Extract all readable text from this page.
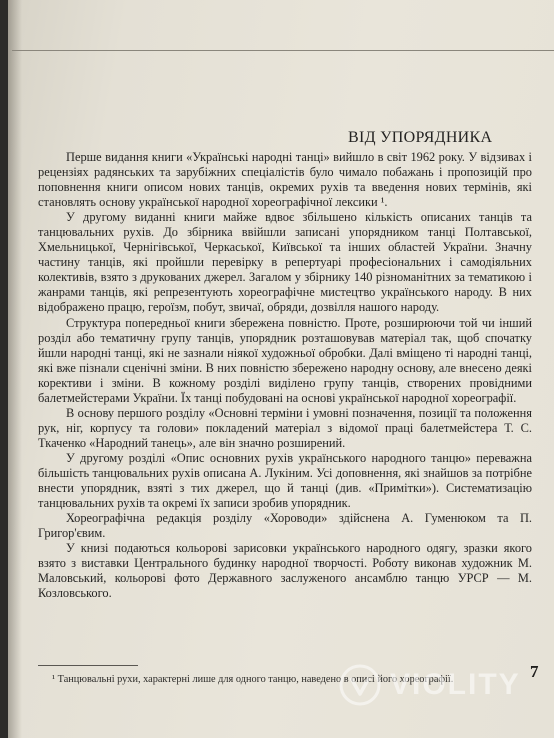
ВІД УПОРЯДНИКА

Перше видання книги «Українські народні танці» вийшло в світ 1962 року. У відзивах і рецензіях радянських та зарубіжних спеціалістів було чимало побажань і пропозицій про поповнення книги описом нових танців, окремих рухів та введення нових термінів, які становлять основу української народної хореографічної лексики ¹.

У другому виданні книги майже вдвоє збільшено кількість описаних танців та танцювальних рухів. До збірника ввійшли записані упорядником танці Полтавської, Хмельницької, Чернігівської, Черкаської, Київської та інших областей України. Значну частину танців, які пройшли перевірку в репертуарі професіональних і самодіяльних колективів, взято з друкованих джерел. Загалом у збірнику 140 різноманітних за тематикою і жанрами танців, які репрезентують хореографічне мистецтво українського народу. В них відображено працю, героїзм, побут, звичаї, обряди, дозвілля нашого народу.

Структура попередньої книги збережена повністю. Проте, розширюючи той чи інший розділ або тематичну групу танців, упорядник розташовував матеріал так, щоб спочатку йшли народні танці, які не зазнали ніякої художньої обробки. Далі вміщено ті народні танці, які вже пізнали сценічні зміни. В них повністю збережено народну основу, але внесено деякі корективи і зміни. В кожному розділі виділено групу танців, створених провідними балетмейстерами України. Їх танці побудовані на основі української народної хореографії.

В основу першого розділу «Основні терміни і умовні позначення, позиції та положення рук, ніг, корпусу та голови» покладений матеріал з відомої праці балетмейстера Т. С. Ткаченко «Народний танець», але він значно розширений.

У другому розділі «Опис основних рухів українського народного танцю» переважна більшість танцювальних рухів описана А. Лукіним. Усі доповнення, які знайшов за потрібне внести упорядник, взяті з тих джерел, що й танці (див. «Примітки»). Систематизацію танцювальних рухів та окремі їх записи зробив упорядник.

Хореографічна редакція розділу «Хороводи» здійснена А. Гуменюком та П. Григор'євим.

У книзі подаються кольорові зарисовки українського народного одягу, зразки якого взято з виставки Центрального будинку народної творчості. Роботу виконав художник М. Маловський, кольорові фото Державного заслуженого ансамблю танцю УРСР — М. Козловського.

¹ Танцювальні рухи, характерні лише для одного танцю, наведено в описі його хореографії.

VIOLITY 7
